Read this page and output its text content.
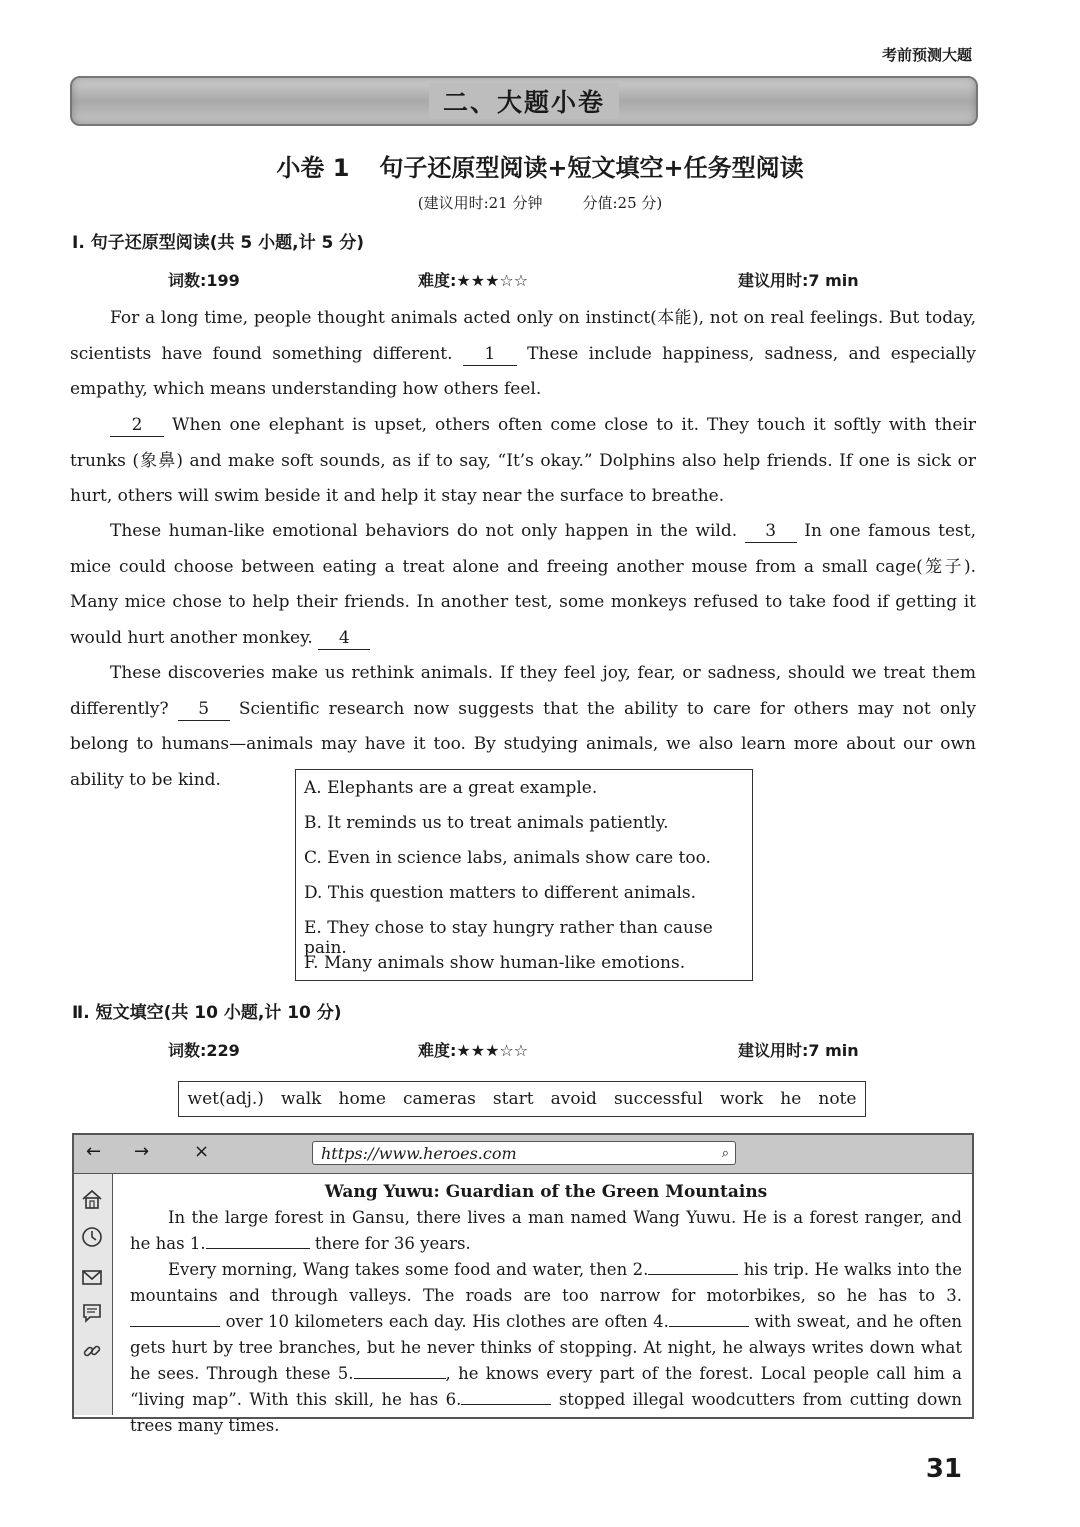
考前预测大题
二、大题小卷
小卷 1 句子还原型阅读+短文填空+任务型阅读
(建议用时:21 分钟	分值:25 分)
Ⅰ. 句子还原型阅读(共 5 小题,计 5 分)
词数:199	难度:★★★☆☆	建议用时:7 min

For a long time, people thought animals acted only on instinct(本能), not on real feelings. But today, scientists have found something different. 1 These include happiness, sadness, and especially empathy, which means understanding how others feel.

2 When one elephant is upset, others often come close to it. They touch it softly with their trunks (象鼻) and make soft sounds, as if to say, “It’s okay.” Dolphins also help friends. If one is sick or hurt, others will swim beside it and help it stay near the surface to breathe.

These human-like emotional behaviors do not only happen in the wild. 3 In one famous test, mice could choose between eating a treat alone and freeing another mouse from a small cage(笼子). Many mice chose to help their friends. In another test, some monkeys refused to take food if getting it would hurt another monkey. 4

These discoveries make us rethink animals. If they feel joy, fear, or sadness, should we treat them differently? 5 Scientific research now suggests that the ability to care for others may not only belong to humans—animals may have it too. By studying animals, we also learn more about our own ability to be kind.	A. Elephants are a great example.
B. It reminds us to treat animals patiently.
C. Even in science labs, animals show care too.
D. This question matters to different animals.
E. They chose to stay hungry rather than cause pain.
F. Many animals show human-like emotions.
Ⅱ. 短文填空(共 10 小题,计 10 分)
词数:229	难度:★★★☆☆	建议用时:7 min
wet(adj.) walk home cameras start avoid successful work he note
← → ×	https://www.heroes.com	⌕
Wang Yuwu: Guardian of the Green Mountains

In the large forest in Gansu, there lives a man named Wang Yuwu. He is a forest ranger, and he has 1.	there for 36 years.

Every morning, Wang takes some food and water, then 2.	his trip. He walks into the mountains and through valleys. The roads are too narrow for motorbikes, so he has to 3. over 10 kilometers each day. His clothes are often 4.	with sweat, and he often gets hurt by tree branches, but he never thinks of stopping. At night, he always writes down what he sees. Through these 5.	, he knows every part of the forest. Local people call him a “living map”. With this skill, he has 6.	stopped illegal woodcutters from cutting down trees many times.

31
